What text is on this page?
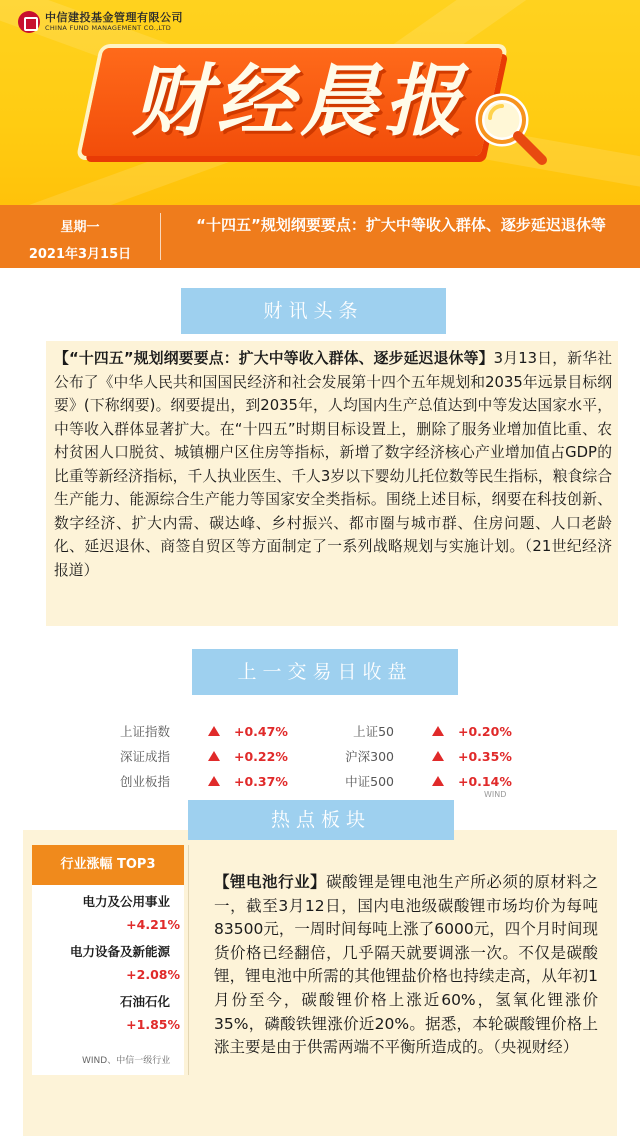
中信建投基金管理有限公司
CHINA FUND MANAGEMENT CO.,LTD
财经晨报
星期一
2021年3月15日
“十四五”规划纲要要点：扩大中等收入群体、逐步延迟退休等
财讯头条
【“十四五”规划纲要要点：扩大中等收入群体、逐步延迟退休等】3月13日，新华社公布了《中华人民共和国国民经济和社会发展第十四个五年规划和2035年远景目标纲要》(下称纲要)。纲要提出，到2035年，人均国内生产总值达到中等发达国家水平，中等收入群体显著扩大。在“十四五”时期目标设置上，删除了服务业增加值比重、农村贫困人口脱贫、城镇棚户区住房等指标，新增了数字经济核心产业增加值占GDP的比重等新经济指标，千人执业医生、千人3岁以下婴幼儿托位数等民生指标，粮食综合生产能力、能源综合生产能力等国家安全类指标。围绕上述目标，纲要在科技创新、数字经济、扩大内需、碳达峰、乡村振兴、都市圈与城市群、住房问题、人口老龄化、延迟退休、商签自贸区等方面制定了一系列战略规划与实施计划。（21世纪经济报道）
上一交易日收盘
上证指数	+0.47%
深证成指	+0.22%
创业板指	+0.37%
上证50	+0.20%
沪深300	+0.35%
中证500	+0.14%
WIND
热点板块
行业涨幅 TOP3
电力及公用事业
+4.21%
电力设备及新能源
+2.08%
石油石化
+1.85%
WIND、中信一级行业
【锂电池行业】碳酸锂是锂电池生产所必须的原材料之一，截至3月12日，国内电池级碳酸锂市场均价为每吨83500元，一周时间每吨上涨了6000元，四个月时间现货价格已经翻倍，几乎隔天就要调涨一次。不仅是碳酸锂，锂电池中所需的其他锂盐价格也持续走高，从年初1月份至今，碳酸锂价格上涨近60%，氢氧化锂涨价35%，磷酸铁锂涨价近20%。据悉，本轮碳酸锂价格上涨主要是由于供需两端不平衡所造成的。（央视财经）
